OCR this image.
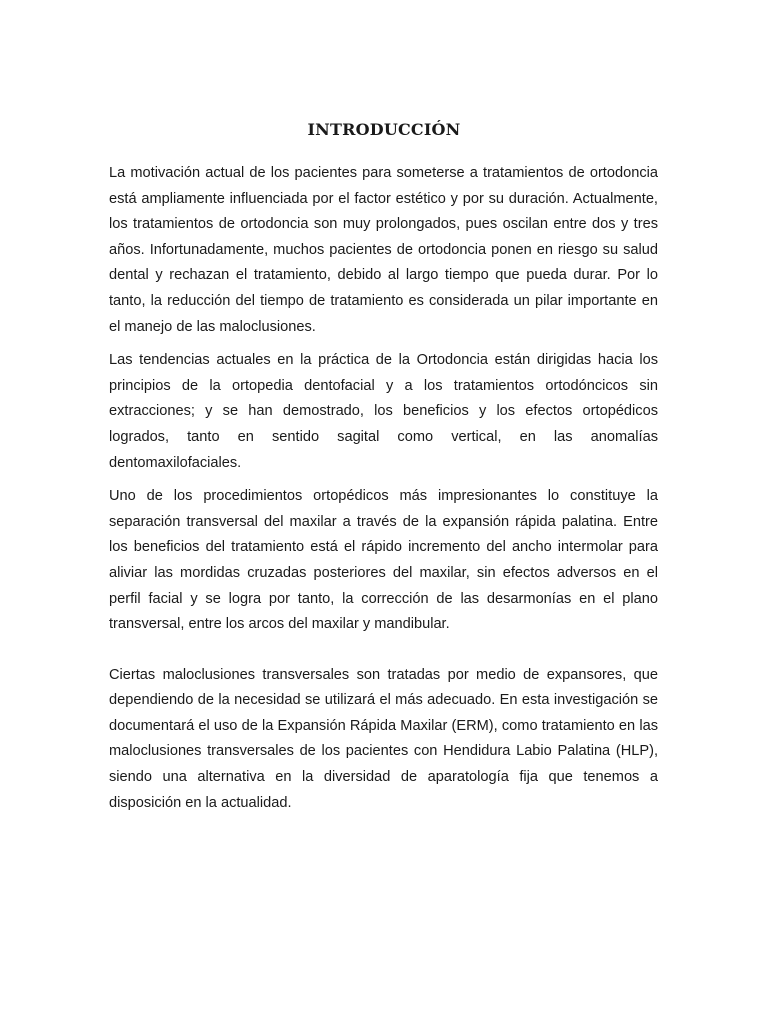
INTRODUCCIÓN

La motivación actual de los pacientes para someterse a tratamientos de ortodoncia está ampliamente influenciada por el factor estético y por su duración. Actualmente, los tratamientos de ortodoncia son muy prolongados, pues oscilan entre dos y tres años. Infortunadamente, muchos pacientes de ortodoncia ponen en riesgo su salud dental y rechazan el tratamiento, debido al largo tiempo que pueda durar. Por lo tanto, la reducción del tiempo de tratamiento es considerada un pilar importante en el manejo de las maloclusiones.

Las tendencias actuales en la práctica de la Ortodoncia están dirigidas hacia los principios de la ortopedia dentofacial y a los tratamientos ortodóncicos sin extracciones; y se han demostrado, los beneficios y los efectos ortopédicos logrados, tanto en sentido sagital como vertical, en las anomalías dentomaxilofaciales.

Uno de los procedimientos ortopédicos más impresionantes lo constituye la separación transversal del maxilar a través de la expansión rápida palatina. Entre los beneficios del tratamiento está el rápido incremento del ancho intermolar para aliviar las mordidas cruzadas posteriores del maxilar, sin efectos adversos en el perfil facial y se logra por tanto, la corrección de las desarmonías en el plano transversal, entre los arcos del maxilar y mandibular.

Ciertas maloclusiones transversales son tratadas por medio de expansores, que dependiendo de la necesidad se utilizará el más adecuado. En esta investigación se documentará el uso de la Expansión Rápida Maxilar (ERM), como tratamiento en las maloclusiones transversales de los pacientes con Hendidura Labio Palatina (HLP), siendo una alternativa en la diversidad de aparatología fija que tenemos a disposición en la actualidad.
